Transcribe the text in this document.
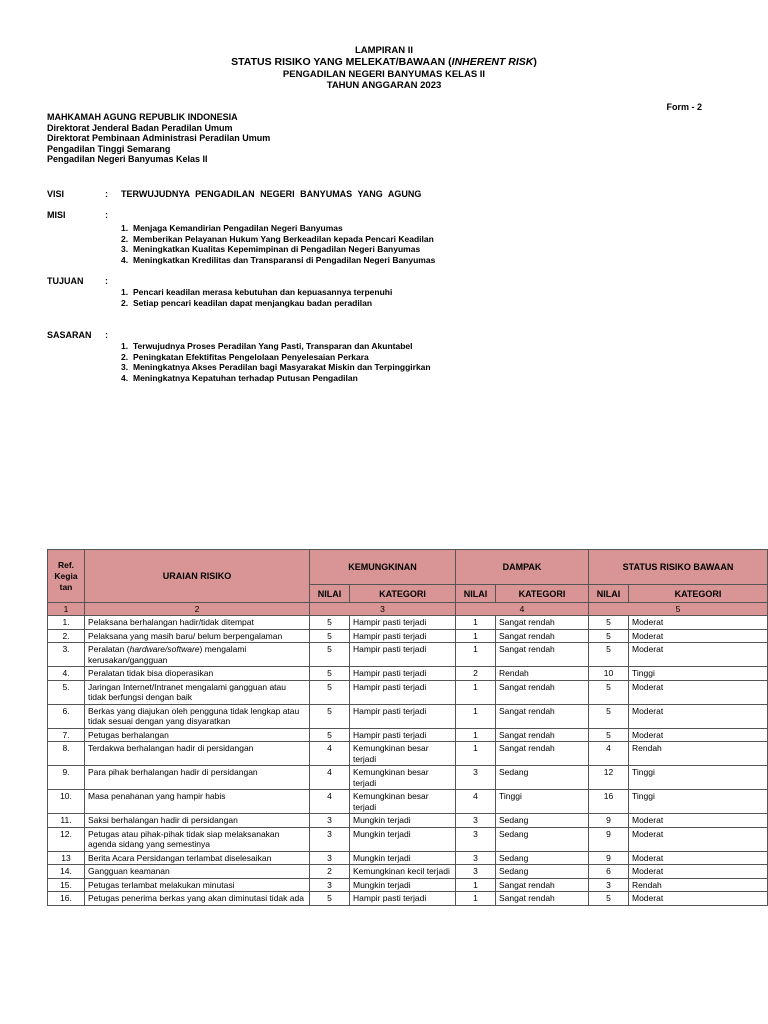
LAMPIRAN II
STATUS RISIKO YANG MELEKAT/BAWAAN (INHERENT RISK)
PENGADILAN NEGERI BANYUMAS KELAS II
TAHUN ANGGARAN 2023
Form - 2
MAHKAMAH AGUNG REPUBLIK INDONESIA
Direktorat Jenderal Badan Peradilan Umum
Direktorat Pembinaan Administrasi Peradilan Umum
Pengadilan Tinggi Semarang
Pengadilan Negeri Banyumas Kelas II
VISI	: TERWUJUDNYA PENGADILAN NEGERI BANYUMAS YANG AGUNG
MISI	:
1. Menjaga Kemandirian Pengadilan Negeri Banyumas
2. Memberikan Pelayanan Hukum Yang Berkeadilan kepada Pencari Keadilan
3. Meningkatkan Kualitas Kepemimpinan di Pengadilan Negeri Banyumas
4. Meningkatkan Kredilitas dan Transparansi di Pengadilan Negeri Banyumas
TUJUAN :
1. Pencari keadilan merasa kebutuhan dan kepuasannya terpenuhi
2. Setiap pencari keadilan dapat menjangkau badan peradilan
SASARAN :
1. Terwujudnya Proses Peradilan Yang Pasti, Transparan dan Akuntabel
2. Peningkatan Efektifitas Pengelolaan Penyelesaian Perkara
3. Meningkatnya Akses Peradilan bagi Masyarakat Miskin dan Terpinggirkan
4. Meningkatnya Kepatuhan terhadap Putusan Pengadilan
Ref. Kegia tan	URAIAN RISIKO	KEMUNGKINAN		DAMPAK		STATUS RISIKO BAWAAN	
		NILAI	KATEGORI	NILAI	KATEGORI	NILAI	KATEGORI
1	2	3		4		5	
1.	Pelaksana berhalangan hadir/tidak ditempat	5	Hampir pasti terjadi	1	Sangat rendah	5	Moderat
2.	Pelaksana yang masih baru/ belum berpengalaman	5	Hampir pasti terjadi	1	Sangat rendah	5	Moderat
3.	Peralatan (hardware/software) mengalami kerusakan/gangguan	5	Hampir pasti terjadi	1	Sangat rendah	5	Moderat
4.	Peralatan tidak bisa dioperasikan	5	Hampir pasti terjadi	2	Rendah	10	Tinggi
5.	Jaringan Internet/Intranet mengalami gangguan atau tidak berfungsi dengan baik	5	Hampir pasti terjadi	1	Sangat rendah	5	Moderat
6.	Berkas yang diajukan oleh pengguna tidak lengkap atau tidak sesuai dengan yang disyaratkan	5	Hampir pasti terjadi	1	Sangat rendah	5	Moderat
7.	Petugas berhalangan	5	Hampir pasti terjadi	1	Sangat rendah	5	Moderat
8.	Terdakwa berhalangan hadir di persidangan	4	Kemungkinan besar terjadi	1	Sangat rendah	4	Rendah
9.	Para pihak berhalangan hadir di persidangan	4	Kemungkinan besar terjadi	3	Sedang	12	Tinggi
10.	Masa penahanan yang hampir habis	4	Kemungkinan besar terjadi	4	Tinggi	16	Tinggi
11.	Saksi berhalangan hadir di persidangan	3	Mungkin terjadi	3	Sedang	9	Moderat
12.	Petugas atau pihak-pihak tidak siap melaksanakan agenda sidang yang semestinya	3	Mungkin terjadi	3	Sedang	9	Moderat
13	Berita Acara Persidangan terlambat diselesaikan	3	Mungkin terjadi	3	Sedang	9	Moderat
14.	Gangguan keamanan	2	Kemungkinan kecil terjadi	3	Sedang	6	Moderat
15.	Petugas terlambat melakukan minutasi	3	Mungkin terjadi	1	Sangat rendah	3	Rendah
16.	Petugas penerima berkas yang akan diminutasi tidak ada	5	Hampir pasti terjadi	1	Sangat rendah	5	Moderat
